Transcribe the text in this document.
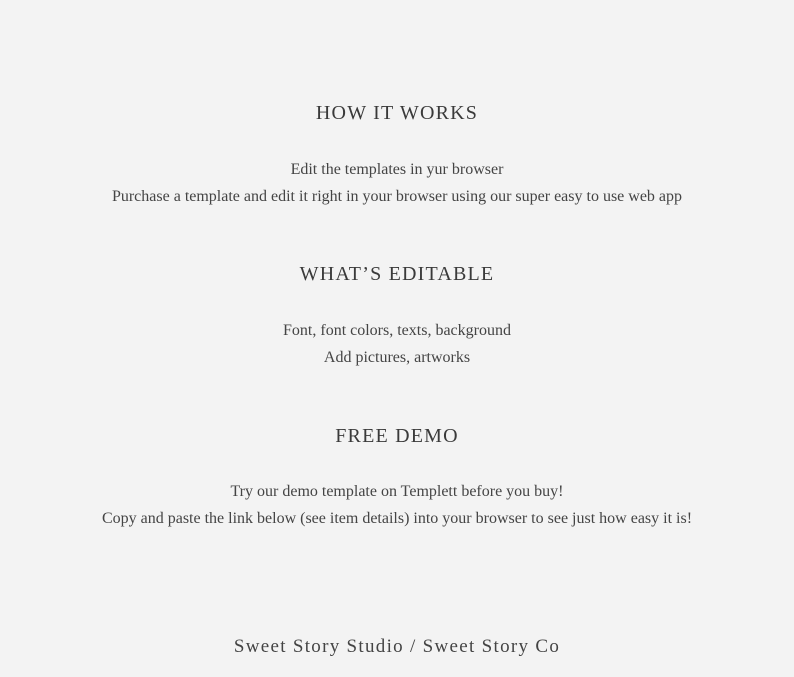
HOW IT WORKS

Edit the templates in yur browser

Purchase a template and edit it right in your browser using our super easy to use web app

WHAT’S EDITABLE

Font, font colors, texts, background

Add pictures, artworks

FREE DEMO

Try our demo template on Templett before you buy!

Copy and paste the link below (see item details) into your browser to see just how easy it is!

Sweet Story Studio / Sweet Story Co
